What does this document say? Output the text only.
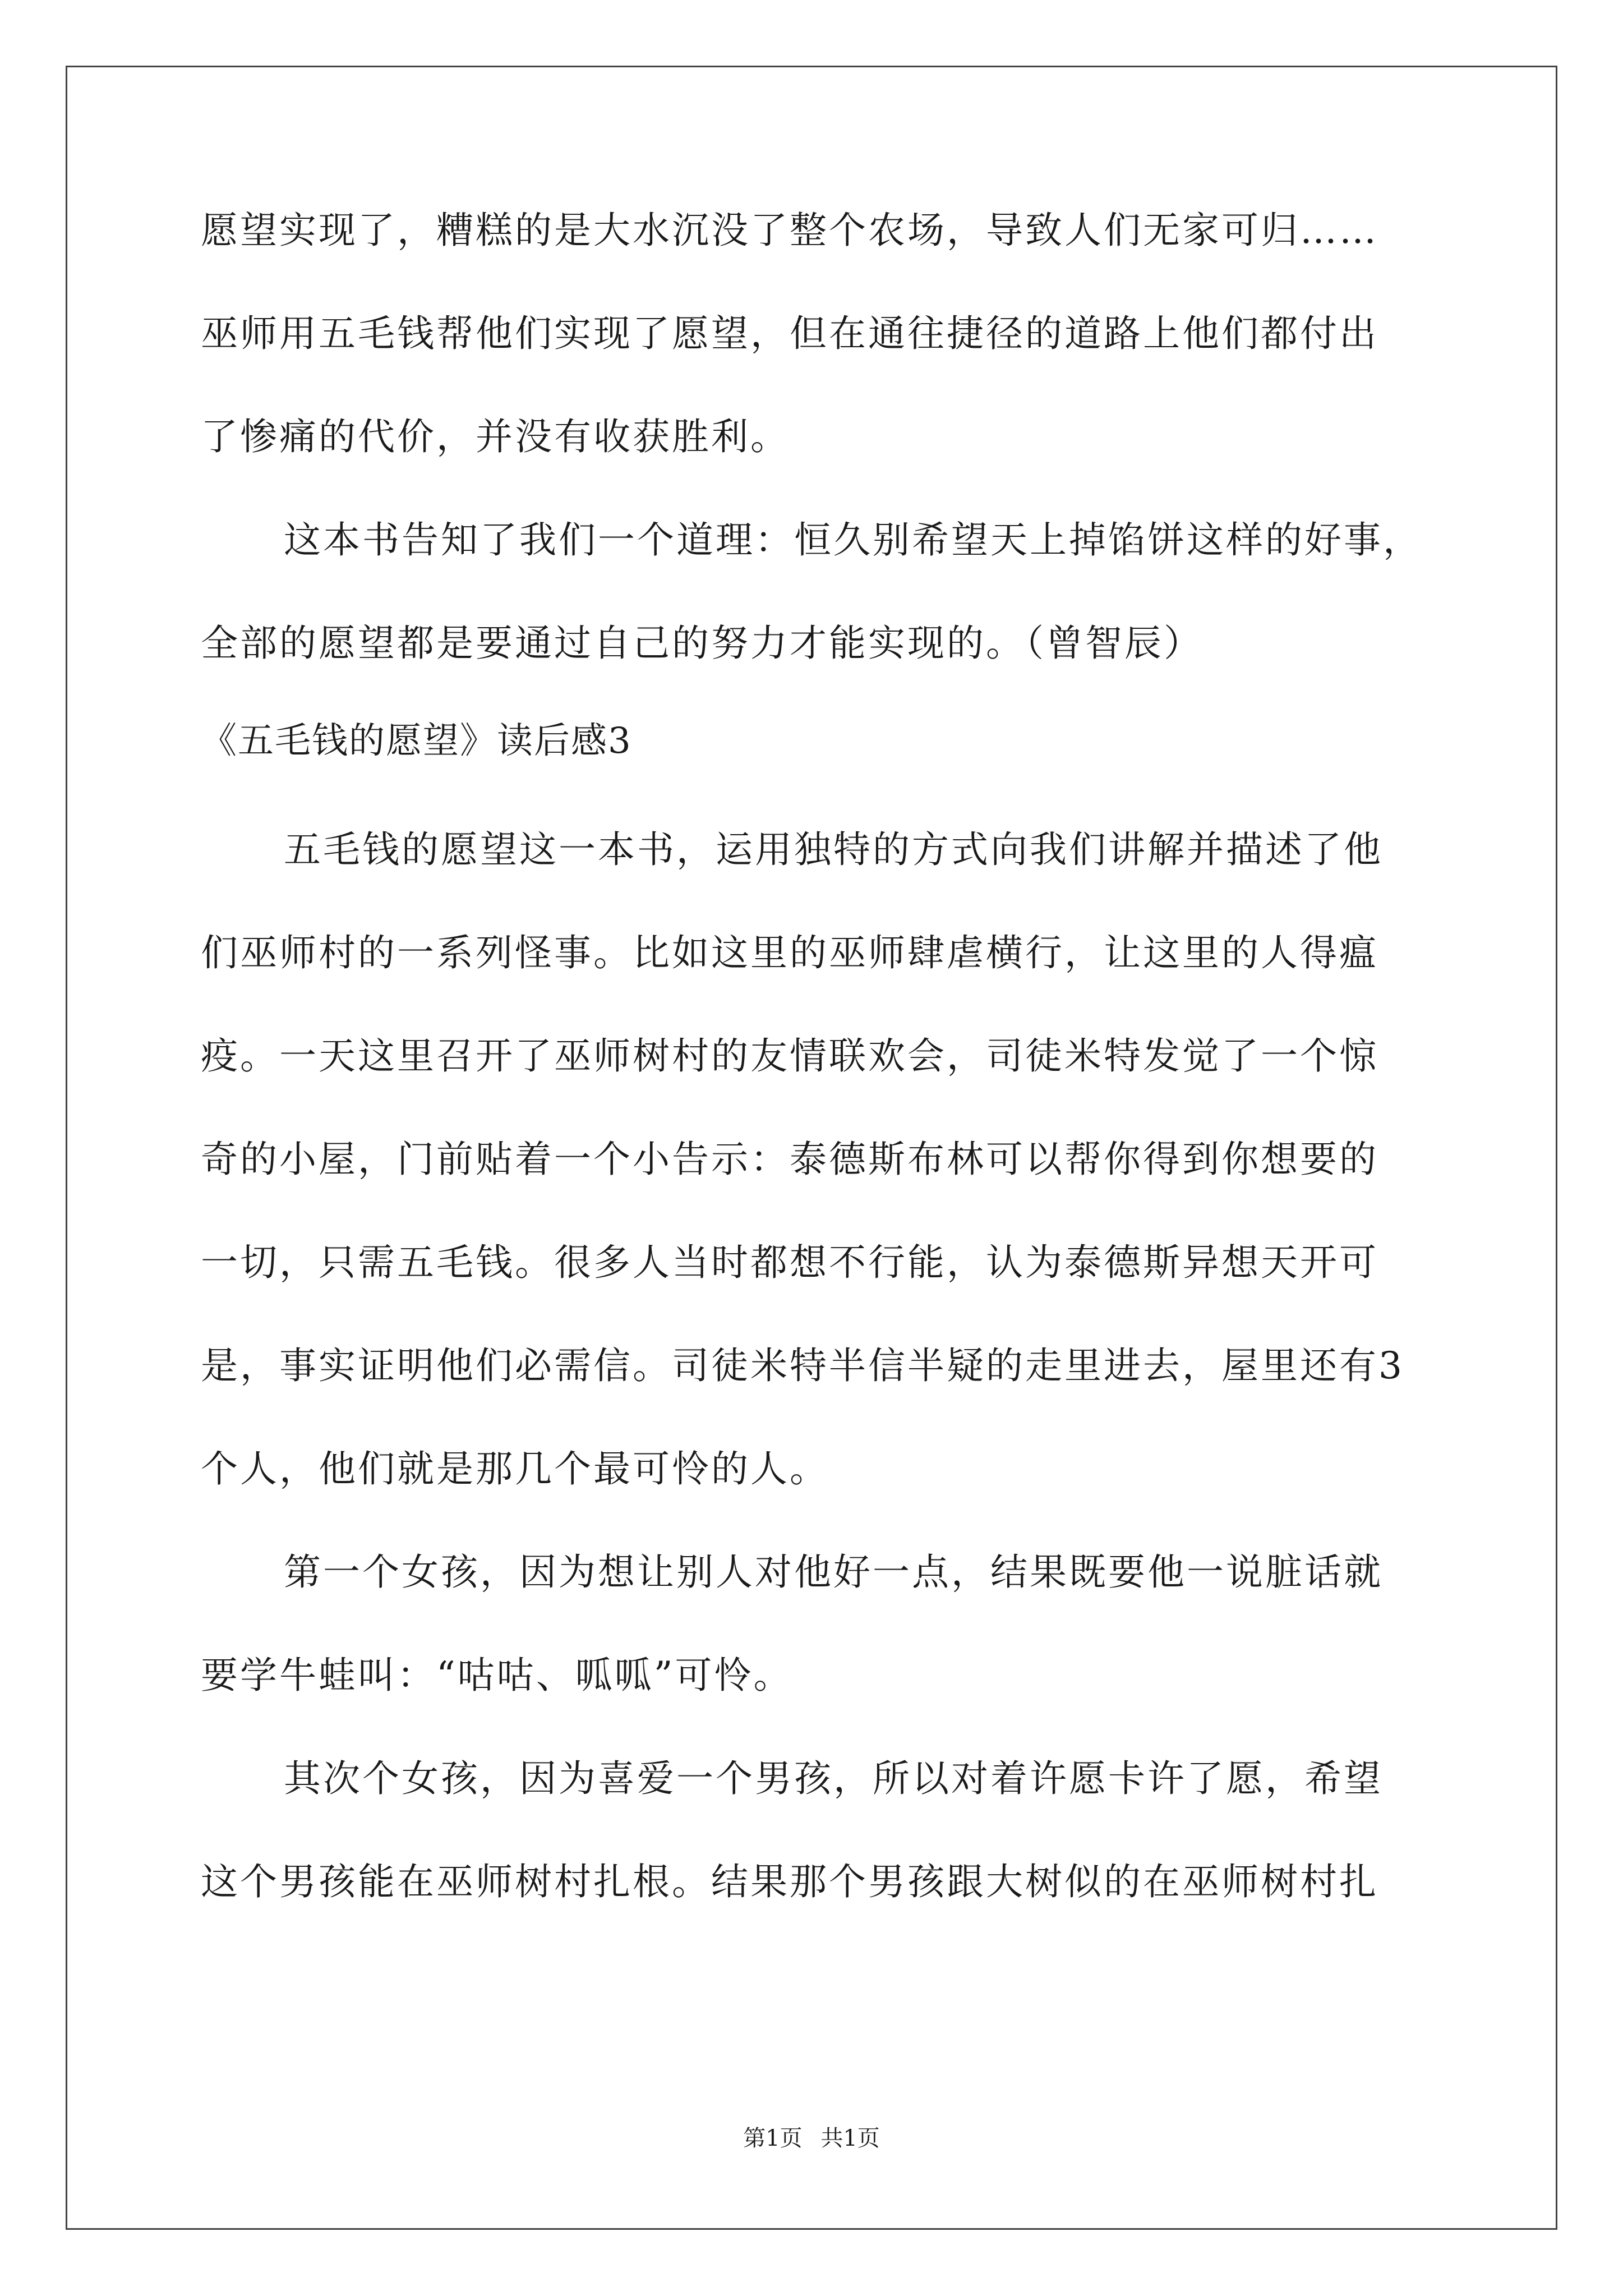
愿望实现了，糟糕的是大水沉没了整个农场，导致人们无家可归……

巫师用五毛钱帮他们实现了愿望，但在通往捷径的道路上他们都付出

了惨痛的代价，并没有收获胜利。

这本书告知了我们一个道理：恒久别希望天上掉馅饼这样的好事，

全部的愿望都是要通过自己的努力才能实现的。（曾智辰）

《五毛钱的愿望》读后感3

五毛钱的愿望这一本书，运用独特的方式向我们讲解并描述了他

们巫师村的一系列怪事。比如这里的巫师肆虐横行，让这里的人得瘟

疫。一天这里召开了巫师树村的友情联欢会，司徒米特发觉了一个惊

奇的小屋，门前贴着一个小告示：泰德斯布林可以帮你得到你想要的

一切，只需五毛钱。很多人当时都想不行能，认为泰德斯异想天开可

是，事实证明他们必需信。司徒米特半信半疑的走里进去，屋里还有3

个人，他们就是那几个最可怜的人。

第一个女孩，因为想让别人对他好一点，结果既要他一说脏话就

要学牛蛙叫：“咕咕、呱呱”可怜。

其次个女孩，因为喜爱一个男孩，所以对着许愿卡许了愿，希望

这个男孩能在巫师树村扎根。结果那个男孩跟大树似的在巫师树村扎

第1页 共1页
